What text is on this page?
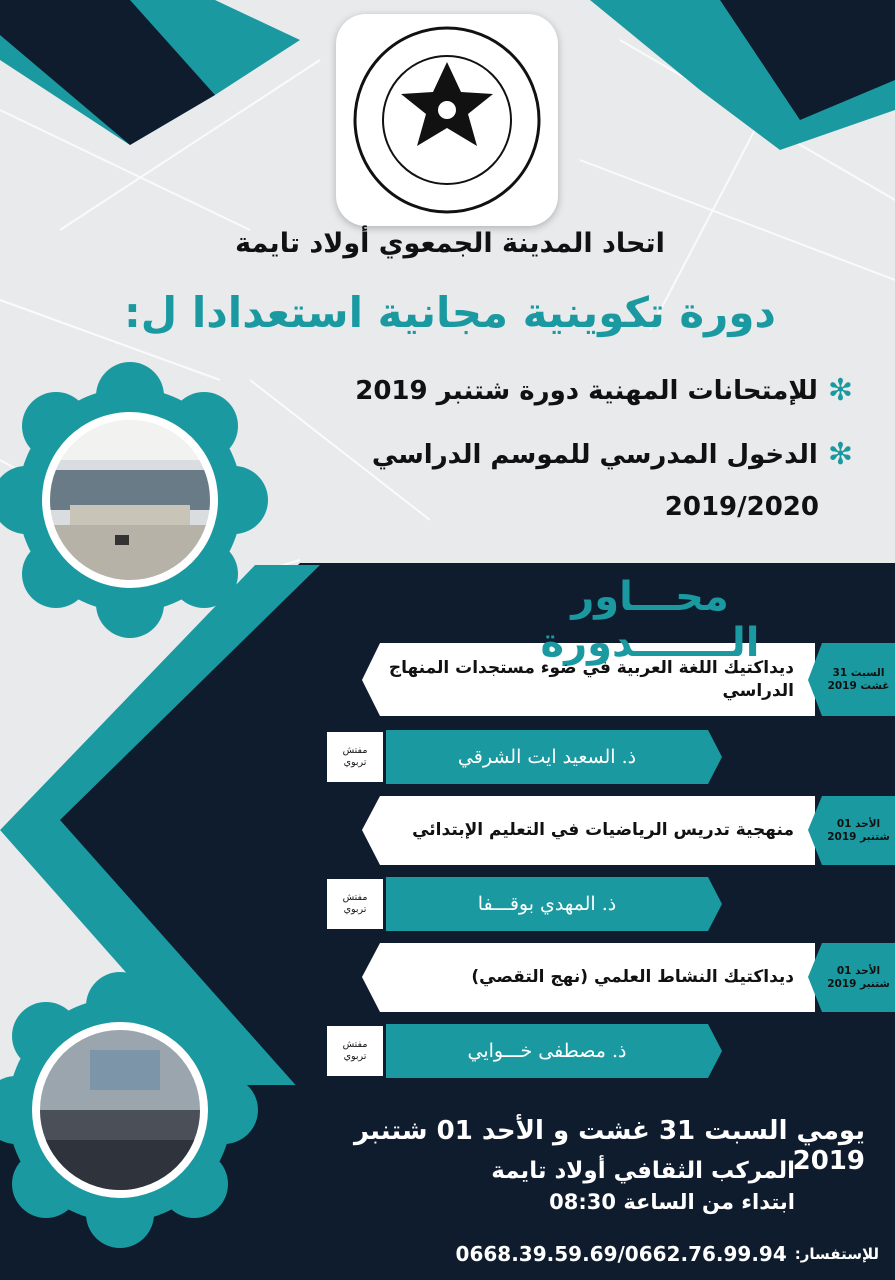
اتحاد المدينة الجمعوي أولاد تايمة
دورة تكوينية مجانية استعدادا ل:
✻
للإمتحانات المهنية دورة شتنبر 2019
✻
الدخول المدرسي للموسم الدراسي
2019/2020
محـــاور الـــــــدورة
ديداكتيك اللغة العربية في ضوء مستجدات المنهاج الدراسي
السبت 31
غشت 2019
ذ. السعيد ايت الشرقي
مفتش
تربوي
منهجية تدريس الرياضيات في التعليم الإبتدائي	الأحد 01
شتنبر 2019
ذ. المهدي بوقـــفا
مفتش
تربوي
ديداكتيك النشاط العلمي (نهج التقصي)	الأحد 01
شتنبر 2019
ذ. مصطفى خـــوايي
مفتش
تربوي
يومي السبت 31 غشت و الأحد 01 شتنبر 2019
المركب الثقافي أولاد تايمة
ابتداء من الساعة 08:30
للإستفسار:
0668.39.59.69/0662.76.99.94
